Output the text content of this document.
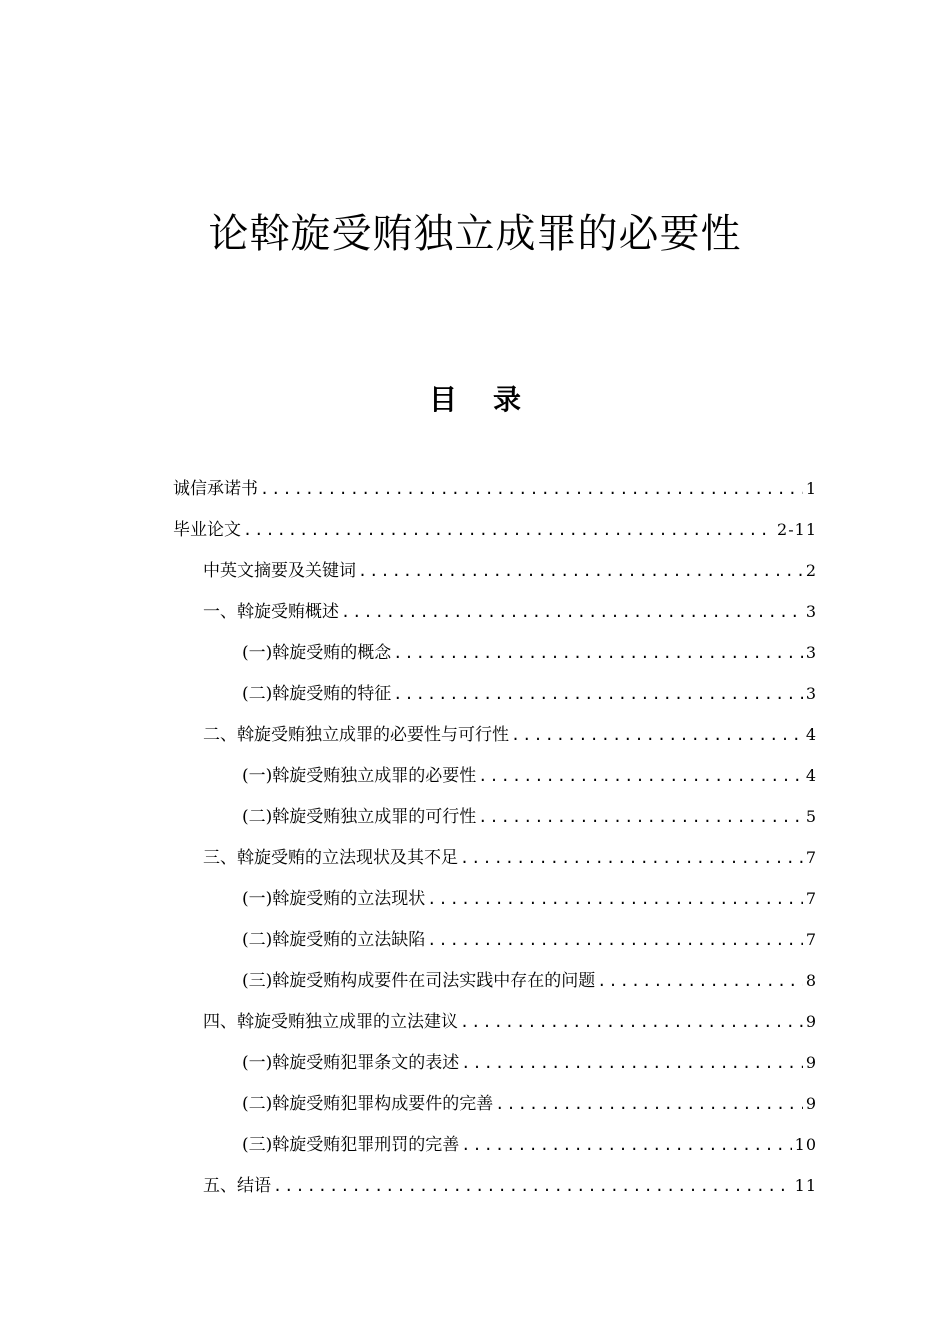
论斡旋受贿独立成罪的必要性
目 录
诚信承诺书 .....	1
毕业论文 .....	2-11
中英文摘要及关键词 .....	2
一、斡旋受贿概述 .....	3
(一)斡旋受贿的概念 .....	3
(二)斡旋受贿的特征 .....	3
二、斡旋受贿独立成罪的必要性与可行性 .....	4
(一)斡旋受贿独立成罪的必要性 .....	4
(二)斡旋受贿独立成罪的可行性 .....	5
三、斡旋受贿的立法现状及其不足 .....	7
(一)斡旋受贿的立法现状 .....	7
(二)斡旋受贿的立法缺陷 .....	7
(三)斡旋受贿构成要件在司法实践中存在的问题 .....	8
四、斡旋受贿独立成罪的立法建议 .....	9
(一)斡旋受贿犯罪条文的表述 .....	9
(二)斡旋受贿犯罪构成要件的完善 .....	9
(三)斡旋受贿犯罪刑罚的完善 .....	10
五、结语 .....	11
